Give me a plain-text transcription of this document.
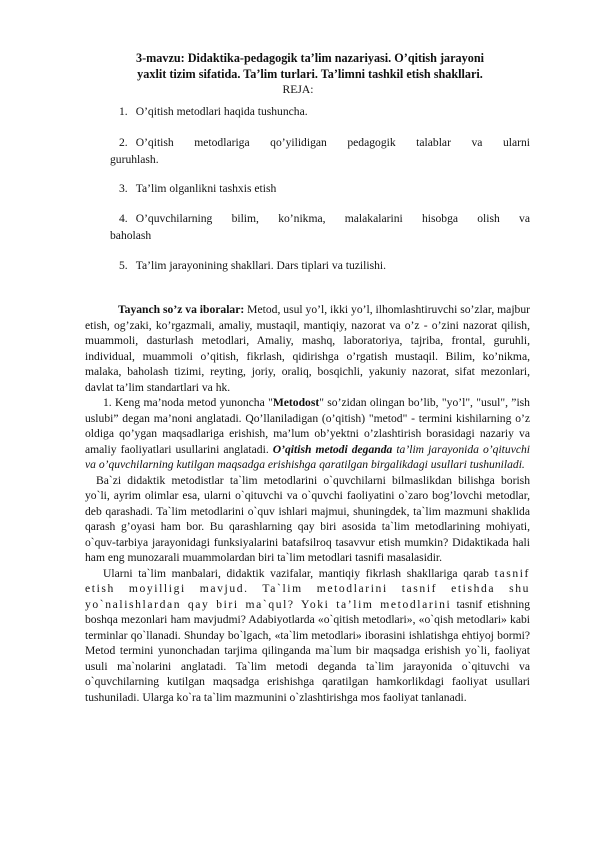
3-mavzu: Didaktika-pedagogik ta’lim nazariyasi. O’qitish jarayoni
yaxlit tizim sifatida. Ta’lim turlari. Ta’limni tashkil etish shakllari.
REJA:
1. O’qitish metodlari haqida tushuncha.
2. O’qitish metodlariga qo’yilidigan pedagogik talablar va ularni
guruhlash.
3. Ta’lim olganlikni tashxis etish
4. O’quvchilarning bilim, ko’nikma, malakalarini hisobga olish va
baholash
5. Ta’lim jarayonining shakllari. Dars tiplari va tuzilishi.

Tayanch so’z va iboralar: Metod, usul yo’l, ikki yo’l, ilhomlashtiruvchi so’zlar, majbur etish, og’zaki, ko’rgazmali, amaliy, mustaqil, mantiqiy, nazorat va o’z - o’zini nazorat qilish, muammoli, dasturlash metodlari, Amaliy, mashq, laboratoriya, tajriba, frontal, guruhli, individual, muammoli o’qitish, fikrlash, qidirishga o’rgatish mustaqil. Bilim, ko’nikma, malaka, baholash tizimi, reyting, joriy, oraliq, bosqichli, yakuniy nazorat, sifat mezonlari, davlat ta’lim standartlari va hk.

1. Keng ma’noda metod yunoncha "Metodost" so’zidan olingan bo’lib, "yo’l", "usul", ”ish uslubi” degan ma’noni anglatadi. Qo’llaniladigan (o’qitish) "metod" - termini kishilarning o’z oldiga qo’ygan maqsadlariga erishish, ma’lum ob’yektni o’zlashtirish borasidagi nazariy va amaliy faoliyatlari usullarini anglatadi. O’qitish metodi deganda ta’lim jarayonida o’qituvchi va o’quvchilarning kutilgan maqsadga erishishga qaratilgan birgalikdagi usullari tushuniladi.

Ba`zi didaktik metodistlar ta`lim metodlarini o`quvchilarni bilmaslikdan bilishga borish yo`li, ayrim olimlar esa, ularni o`qituvchi va o`quvchi faoliyatini o`zaro bog’lovchi metodlar, deb qarashadi. Ta`lim metodlarini o`quv ishlari majmui, shuningdek, ta`lim mazmuni shaklida qarash g’oyasi ham bor. Bu qarashlarning qay biri asosida ta`lim metodlarining mohiyati, o`quv-tarbiya jarayonidagi funksiyalarini batafsilroq tasavvur etish mumkin? Didaktikada hali ham eng munozarali muammolardan biri ta`lim metodlari tasnifi masalasidir.

Ularni ta`lim manbalari, didaktik vazifalar, mantiqiy fikrlash shakllariga qarab tasnif etish moyilligi mavjud. Ta`lim metodlarini tasnif etishda shu yo`nalishlardan qay biri ma`qul? Yoki ta’lim metodlarini tasnif etishning boshqa mezonlari ham mavjudmi? Adabiyotlarda «o`qitish metodlari», «o`qish metodlari» kabi terminlar qo`llanadi. Shunday bo`lgach, «ta`lim metodlari» iborasini ishlatishga ehtiyoj bormi? Metod termini yunonchadan tarjima qilinganda ma`lum bir maqsadga erishish yo`li, faoliyat usuli ma`nolarini anglatadi. Ta`lim metodi deganda ta`lim jarayonida o`qituvchi va o`quvchilarning kutilgan maqsadga erishishga qaratilgan hamkorlikdagi faoliyat usullari tushuniladi. Ularga ko`ra ta`lim mazmunini o`zlashtirishga mos faoliyat tanlanadi.
